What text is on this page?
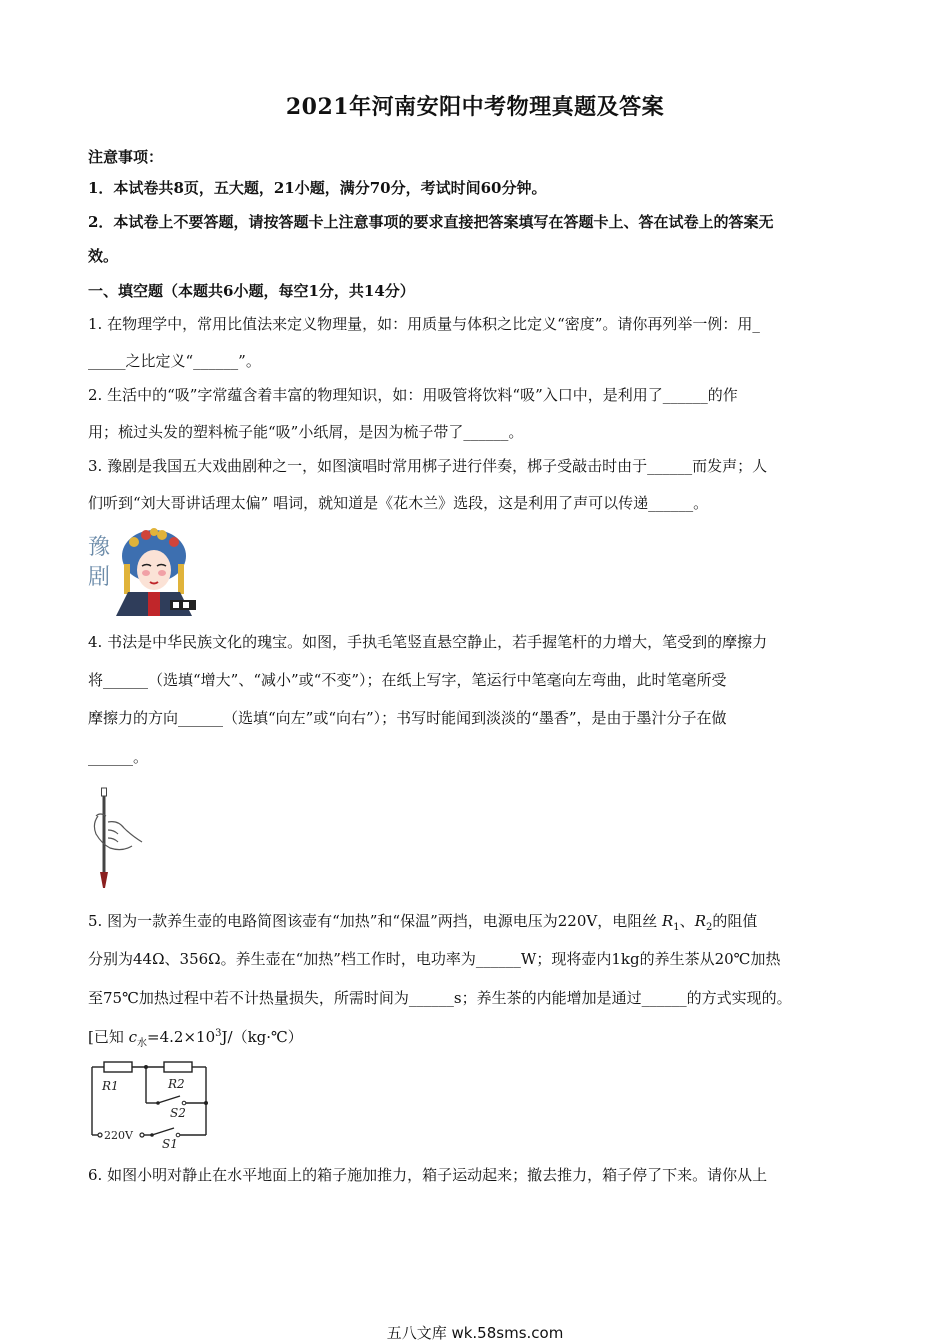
2021年河南安阳中考物理真题及答案
注意事项：
1．本试卷共8页，五大题，21小题，满分70分，考试时间60分钟。
2．本试卷上不要答题，请按答题卡上注意事项的要求直接把答案填写在答题卡上、答在试卷上的答案无
效。
一、填空题（本题共6小题，每空1分，共14分）
1. 在物理学中，常用比值法来定义物理量，如：用质量与体积之比定义“密度”。请你再列举一例：用_
_____之比定义“______”。
2. 生活中的“吸”字常蕴含着丰富的物理知识，如：用吸管将饮料“吸”入口中，是利用了______的作
用；梳过头发的塑料梳子能“吸”小纸屑，是因为梳子带了______。
3. 豫剧是我国五大戏曲剧种之一，如图演唱时常用梆子进行伴奏，梆子受敲击时由于______而发声；人
们听到“刘大哥讲话理太偏” 唱词，就知道是《花木兰》选段，这是利用了声可以传递______。
豫
剧
4. 书法是中华民族文化的瑰宝。如图，手执毛笔竖直悬空静止，若手握笔杆的力增大，笔受到的摩擦力
将______（选填“增大”、“减小”或“不变”）；在纸上写字，笔运行中笔毫向左弯曲，此时笔毫所受
摩擦力的方向______（选填“向左”或“向右”）；书写时能闻到淡淡的“墨香”，是由于墨汁分子在做
______。
5. 图为一款养生壶的电路简图该壶有“加热”和“保温”两挡，电源电压为220V，电阻丝 $R_1$、$R_2$的阻值
分别为44Ω、356Ω。养生壶在“加热”档工作时，电功率为______W；现将壶内1kg的养生茶从20℃加热
至75℃加热过程中若不计热量损失，所需时间为______s；养生茶的内能增加是通过______的方式实现的。
[已知 $c_水=4.2\times 10^3J/(kg\cdot℃)$
R1	R2
S2
220V
S1
6. 如图小明对静止在水平地面上的箱子施加推力，箱子运动起来；撤去推力，箱子停了下来。请你从上
五八文库 wk.58sms.com
